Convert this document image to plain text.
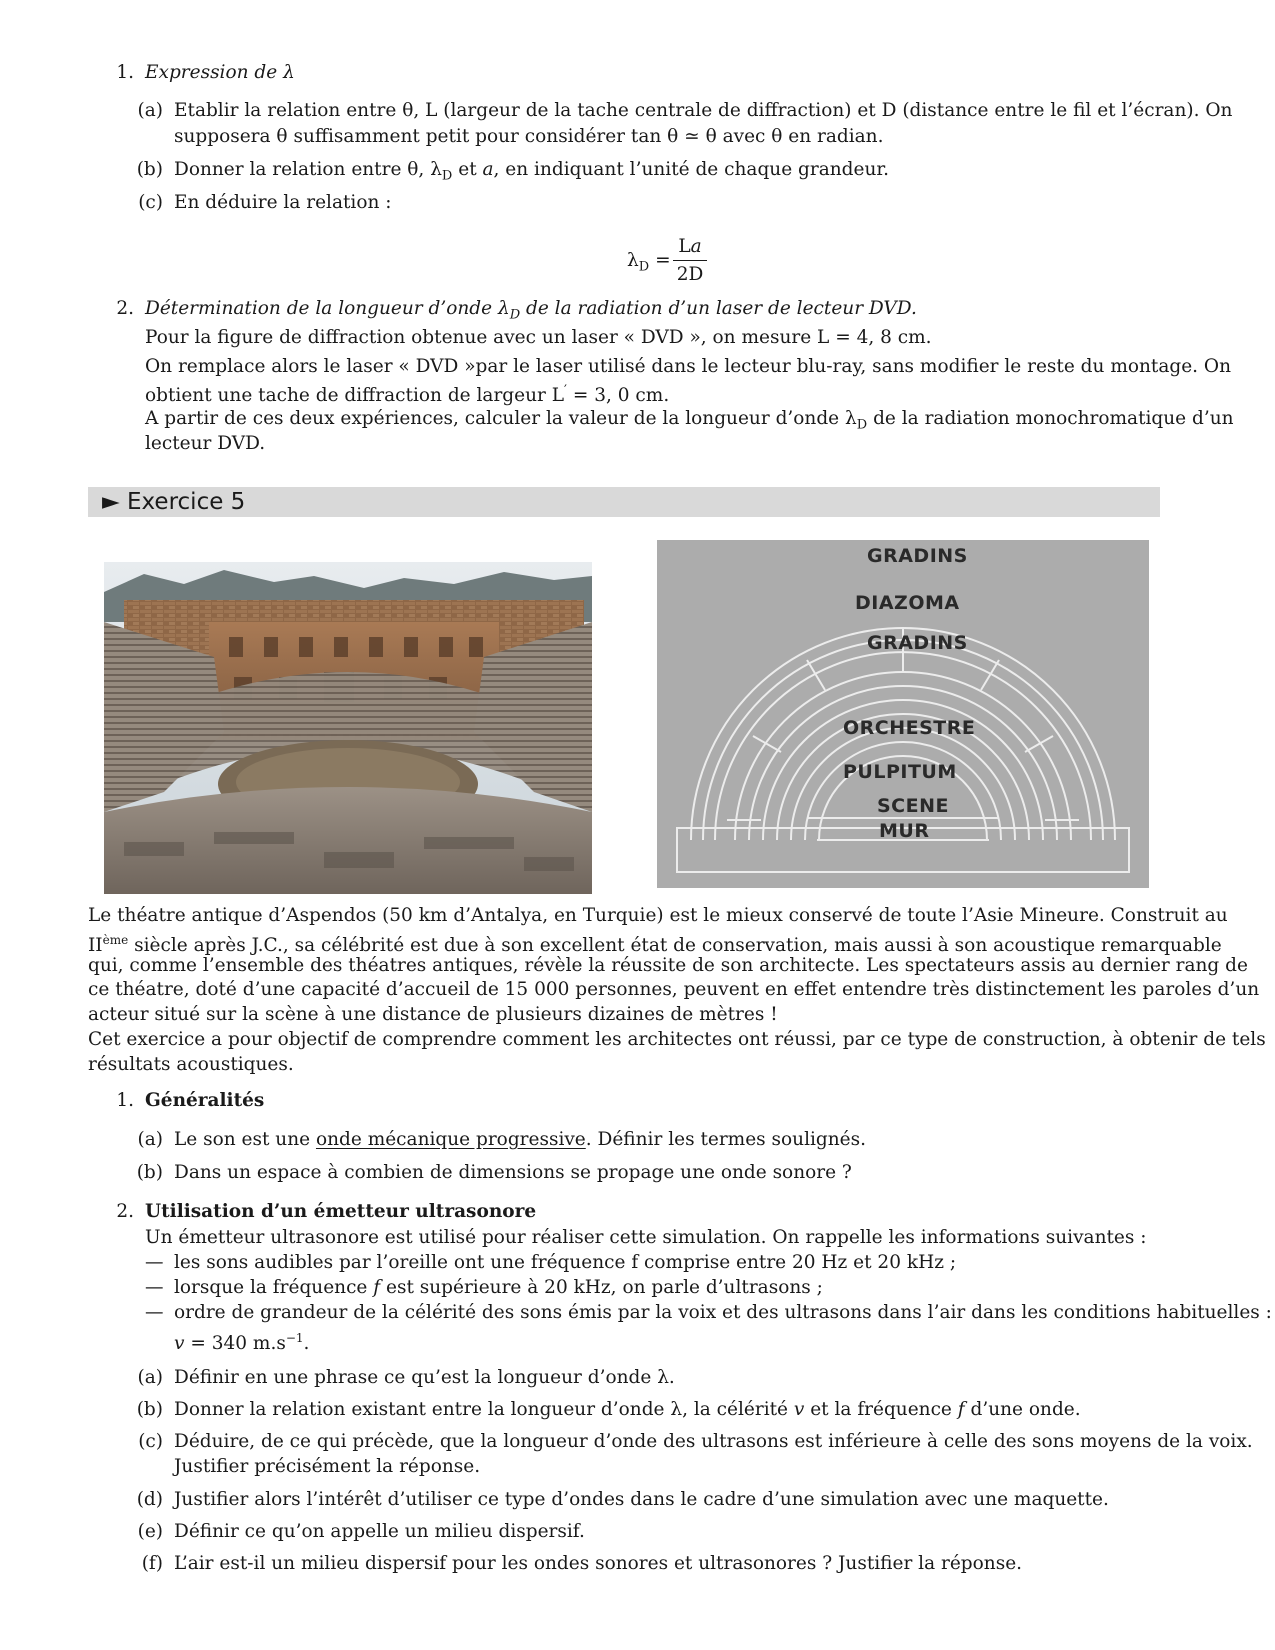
1. Expression de λ
(a) Etablir la relation entre θ, L (largeur de la tache centrale de diffraction) et D (distance entre le fil et l’écran). On
supposera θ suffisamment petit pour considérer tan θ ≃ θ avec θ en radian.
(b) Donner la relation entre θ, $\lambda_D$ et a, en indiquant l’unité de chaque grandeur.
(c) En déduire la relation :
$\lambda_D$ =
La
2D
2. Détermination de la longueur d’onde $\lambda_D$ de la radiation d’un laser de lecteur DVD.
Pour la figure de diffraction obtenue avec un laser « DVD », on mesure L = 4, 8 cm.
On remplace alors le laser « DVD »par le laser utilisé dans le lecteur blu-ray, sans modifier le reste du montage. On
obtient une tache de diffraction de largeur L′ = 3, 0 cm.
A partir de ces deux expériences, calculer la valeur de la longueur d’onde $\lambda_D$ de la radiation monochromatique d’un
lecteur DVD.
► Exercice 5
GRADINS
DIAZOMA
GRADINS
ORCHESTRE
PULPITUM
SCENE
MUR
Le théatre antique d’Aspendos (50 km d’Antalya, en Turquie) est le mieux conservé de toute l’Asie Mineure. Construit au
IIème siècle après J.C., sa célébrité est due à son excellent état de conservation, mais aussi à son acoustique remarquable
qui, comme l’ensemble des théatres antiques, révèle la réussite de son architecte. Les spectateurs assis au dernier rang de
ce théatre, doté d’une capacité d’accueil de 15 000 personnes, peuvent en effet entendre très distinctement les paroles d’un
acteur situé sur la scène à une distance de plusieurs dizaines de mètres !
Cet exercice a pour objectif de comprendre comment les architectes ont réussi, par ce type de construction, à obtenir de tels
résultats acoustiques.
1. Généralités
(a) Le son est une onde mécanique progressive. Définir les termes soulignés.
(b) Dans un espace à combien de dimensions se propage une onde sonore ?
2. Utilisation d’un émetteur ultrasonore
Un émetteur ultrasonore est utilisé pour réaliser cette simulation. On rappelle les informations suivantes :
— les sons audibles par l’oreille ont une fréquence f comprise entre 20 Hz et 20 kHz ;
— lorsque la fréquence f est supérieure à 20 kHz, on parle d’ultrasons ;
— ordre de grandeur de la célérité des sons émis par la voix et des ultrasons dans l’air dans les conditions habituelles :
v = 340 $m.s^{-1}$.
(a) Définir en une phrase ce qu’est la longueur d’onde λ.
(b) Donner la relation existant entre la longueur d’onde λ, la célérité v et la fréquence f d’une onde.
(c) Déduire, de ce qui précède, que la longueur d’onde des ultrasons est inférieure à celle des sons moyens de la voix.
Justifier précisément la réponse.
(d) Justifier alors l’intérêt d’utiliser ce type d’ondes dans le cadre d’une simulation avec une maquette.
(e) Définir ce qu’on appelle un milieu dispersif.
(f) L’air est-il un milieu dispersif pour les ondes sonores et ultrasonores ? Justifier la réponse.
